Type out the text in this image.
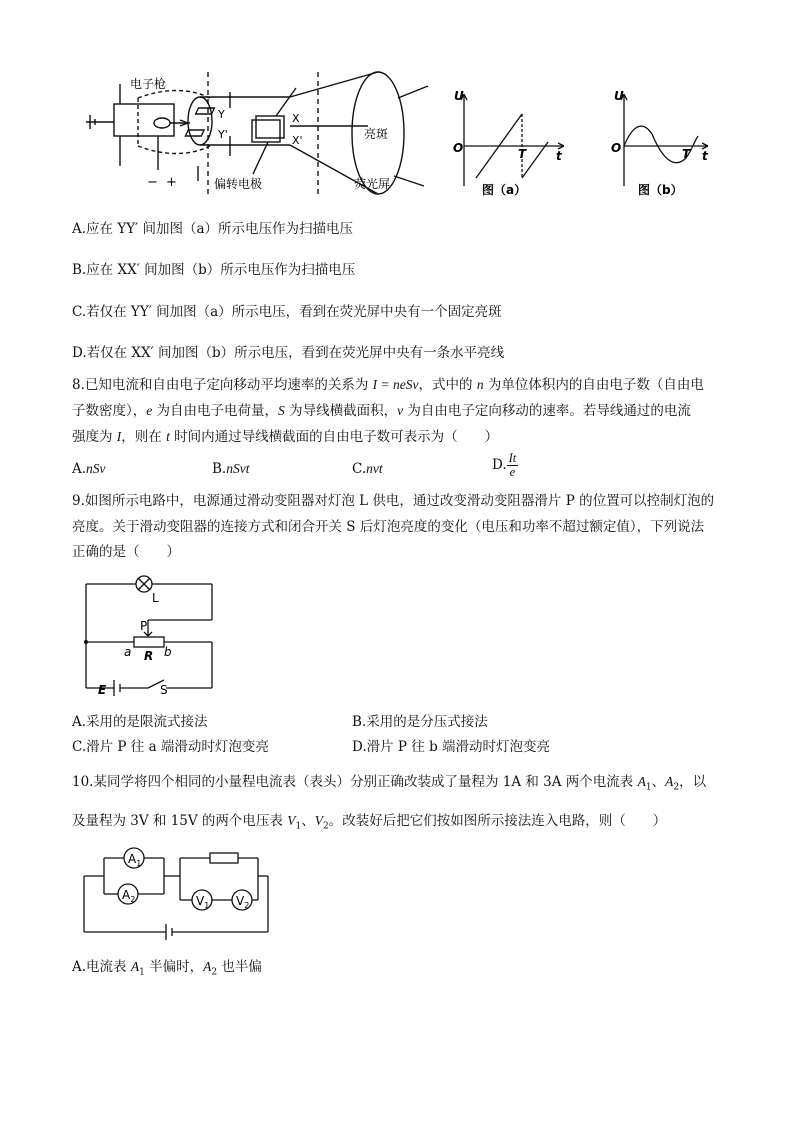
电子枪
Y
Y'
X
X'
− +	偏转电极
亮斑
荧光屏
U
O	T t
图（a）
U
O	T t
图（b）
A.应在 YY′ 间加图（a）所示电压作为扫描电压
B.应在 XX′ 间加图（b）所示电压作为扫描电压
C.若仅在 YY′ 间加图（a）所示电压，看到在荧光屏中央有一个固定亮斑
D.若仅在 XX′ 间加图（b）所示电压，看到在荧光屏中央有一条水平亮线
8.已知电流和自由电子定向移动平均速率的关系为 I = neSv，式中的 n 为单位体积内的自由电子数（自由电
子数密度），e 为自由电子电荷量，S 为导线横截面积，v 为自由电子定向移动的速率。若导线通过的电流
强度为 I，则在 t 时间内通过导线横截面的自由电子数可表示为（　　）
A.nSv	B.nSvt	C.nvt	D. $\frac{It}{e}$
9.如图所示电路中，电源通过滑动变阻器对灯泡 L 供电，通过改变滑动变阻器滑片 P 的位置可以控制灯泡的
亮度。关于滑动变阻器的连接方式和闭合开关 S 后灯泡亮度的变化（电压和功率不超过额定值），下列说法
正确的是（　　）
L
P
a R b
E	S
A.采用的是限流式接法	B.采用的是分压式接法
C.滑片 P 往 a 端滑动时灯泡变亮	D.滑片 P 往 b 端滑动时灯泡变亮
10.某同学将四个相同的小量程电流表（表头）分别正确改装成了量程为 1A 和 3A 两个电流表 $A_1$、$A_2$，以
及量程为 3V 和 15V 的两个电压表 $V_1$、$V_2$。改装好后把它们按如图所示接法连入电路，则（　　）
$A_1$
$A_2$	$V_1$ $V_2$
A.电流表 $A_1$ 半偏时，$A_2$ 也半偏
